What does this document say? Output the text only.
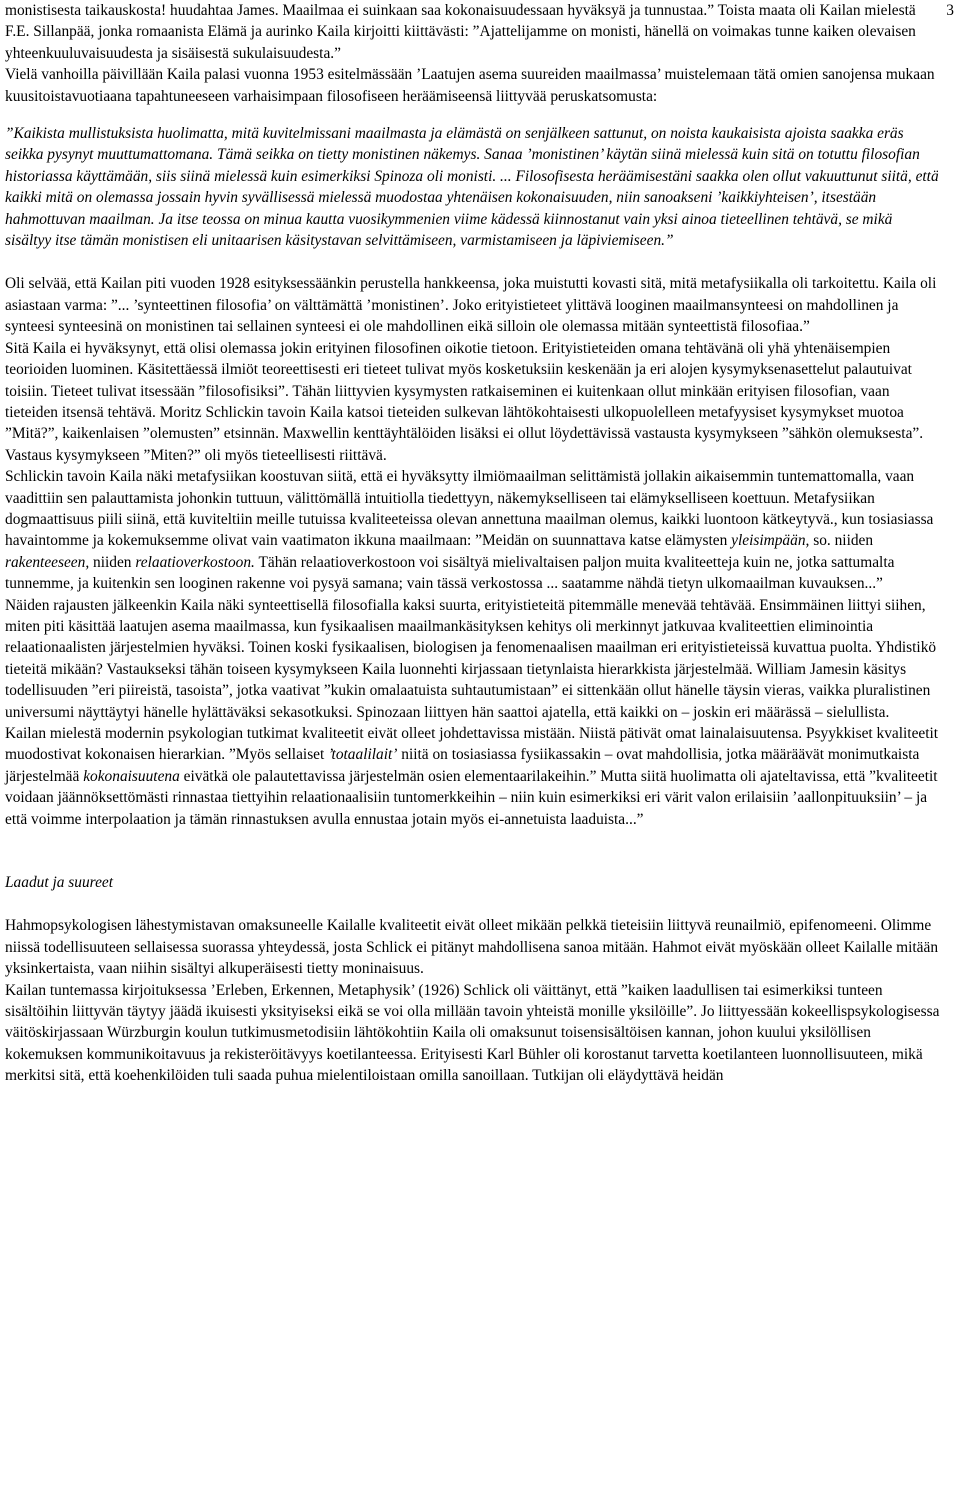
3

monistisesta taikauskosta! huudahtaa James. Maailmaa ei suinkaan saa kokonaisuudessaan hyväksyä ja tunnustaa.” Toista maata oli Kailan mielestä F.E. Sillanpää, jonka romaanista Elämä ja aurinko Kaila kirjoitti kiittävästi: ”Ajattelijamme on monisti, hänellä on voimakas tunne kaiken olevaisen yhteenkuuluvaisuudesta ja sisäisestä sukulaisuudesta.”

Vielä vanhoilla päivillään Kaila palasi vuonna 1953 esitelmässään ’Laatujen asema suureiden maailmassa’ muistelemaan tätä omien sanojensa mukaan kuusitoistavuotiaana tapahtuneeseen varhaisimpaan filosofiseen heräämiseensä liittyvää peruskatsomusta:

”Kaikista mullistuksista huolimatta, mitä kuvitelmissani maailmasta ja elämästä on senjälkeen sattunut, on noista kaukaisista ajoista saakka eräs seikka pysynyt muuttumattomana. Tämä seikka on tietty monistinen näkemys. Sanaa ’monistinen’ käytän siinä mielessä kuin sitä on totuttu filosofian historiassa käyttämään, siis siinä mielessä kuin esimerkiksi Spinoza oli monisti. ... Filosofisesta heräämisestäni saakka olen ollut vakuuttunut siitä, että kaikki mitä on olemassa jossain hyvin syvällisessä mielessä muodostaa yhtenäisen kokonaisuuden, niin sanoakseni ’kaikkiyhteisen’, itsestään hahmottuvan maailman. Ja itse teossa on minua kautta vuosikymmenien viime kädessä kiinnostanut vain yksi ainoa tieteellinen tehtävä, se mikä sisältyy itse tämän monistisen eli unitaarisen käsitystavan selvittämiseen, varmistamiseen ja läpiviemiseen.”

Oli selvää, että Kailan piti vuoden 1928 esityksessäänkin perustella hankkeensa, joka muistutti kovasti sitä, mitä metafysiikalla oli tarkoitettu. Kaila oli asiastaan varma: ”... ’synteettinen filosofia’ on välttämättä ’monistinen’. Joko erityistieteet ylittävä looginen maailmansynteesi on mahdollinen ja synteesi synteesinä on monistinen tai sellainen synteesi ei ole mahdollinen eikä silloin ole olemassa mitään synteettistä filosofiaa.”

Sitä Kaila ei hyväksynyt, että olisi olemassa jokin erityinen filosofinen oikotie tietoon. Erityistieteiden omana tehtävänä oli yhä yhtenäisempien teorioiden luominen. Käsitettäessä ilmiöt teoreettisesti eri tieteet tulivat myös kosketuksiin keskenään ja eri alojen kysymyksenasettelut palautuivat toisiin. Tieteet tulivat itsessään ”filosofisiksi”. Tähän liittyvien kysymysten ratkaiseminen ei kuitenkaan ollut minkään erityisen filosofian, vaan tieteiden itsensä tehtävä. Moritz Schlickin tavoin Kaila katsoi tieteiden sulkevan lähtökohtaisesti ulkopuolelleen metafyysiset kysymykset muotoa ”Mitä?”, kaikenlaisen ”olemusten” etsinnän. Maxwellin kenttäyhtälöiden lisäksi ei ollut löydettävissä vastausta kysymykseen ”sähkön olemuksesta”. Vastaus kysymykseen ”Miten?” oli myös tieteellisesti riittävä.

Schlickin tavoin Kaila näki metafysiikan koostuvan siitä, että ei hyväksytty ilmiömaailman selittämistä jollakin aikaisemmin tuntemattomalla, vaan vaadittiin sen palauttamista johonkin tuttuun, välittömällä intuitiolla tiedettyyn, näkemykselliseen tai elämykselliseen koettuun. Metafysiikan dogmaattisuus piili siinä, että kuviteltiin meille tutuissa kvaliteeteissa olevan annettuna maailman olemus, kaikki luontoon kätkeytyvä., kun tosiasiassa havaintomme ja kokemuksemme olivat vain vaatimaton ikkuna maailmaan: ”Meidän on suunnattava katse elämysten yleisimpään, so. niiden rakenteeseen, niiden relaatioverkostoon. Tähän relaatioverkostoon voi sisältyä mielivaltaisen paljon muita kvaliteetteja kuin ne, jotka sattumalta tunnemme, ja kuitenkin sen looginen rakenne voi pysyä samana; vain tässä verkostossa ... saatamme nähdä tietyn ulkomaailman kuvauksen...”

Näiden rajausten jälkeenkin Kaila näki synteettisellä filosofialla kaksi suurta, erityistieteitä pitemmälle menevää tehtävää. Ensimmäinen liittyi siihen, miten piti käsittää laatujen asema maailmassa, kun fysikaalisen maailmankäsityksen kehitys oli merkinnyt jatkuvaa kvaliteettien eliminointia relaationaalisten järjestelmien hyväksi. Toinen koski fysikaalisen, biologisen ja fenomenaalisen maailman eri erityistieteissä kuvattua puolta. Yhdistikö tieteitä mikään? Vastaukseksi tähän toiseen kysymykseen Kaila luonnehti kirjassaan tietynlaista hierarkkista järjestelmää. William Jamesin käsitys todellisuuden ”eri piireistä, tasoista”, jotka vaativat ”kukin omalaatuista suhtautumistaan” ei sittenkään ollut hänelle täysin vieras, vaikka pluralistinen universumi näyttäytyi hänelle hylättäväksi sekasotkuksi. Spinozaan liittyen hän saattoi ajatella, että kaikki on – joskin eri määrässä – sielullista.

Kailan mielestä modernin psykologian tutkimat kvaliteetit eivät olleet johdettavissa mistään. Niistä pätivät omat lainalaisuutensa. Psyykkiset kvaliteetit muodostivat kokonaisen hierarkian. ”Myös sellaiset ’totaalilait’ niitä on tosiasiassa fysiikassakin – ovat mahdollisia, jotka määräävät monimutkaista järjestelmää kokonaisuutena eivätkä ole palautettavissa järjestelmän osien elementaarilakeihin.” Mutta siitä huolimatta oli ajateltavissa, että ”kvaliteetit voidaan jäännöksettömästi rinnastaa tiettyihin relaationaalisiin tuntomerkkeihin – niin kuin esimerkiksi eri värit valon erilaisiin ’aallonpituuksiin’ – ja että voimme interpolaation ja tämän rinnastuksen avulla ennustaa jotain myös ei-annetuista laaduista...”

Laadut ja suureet

Hahmopsykologisen lähestymistavan omaksuneelle Kailalle kvaliteetit eivät olleet mikään pelkkä tieteisiin liittyvä reunailmiö, epifenomeeni. Olimme niissä todellisuuteen sellaisessa suorassa yhteydessä, josta Schlick ei pitänyt mahdollisena sanoa mitään. Hahmot eivät myöskään olleet Kailalle mitään yksinkertaista, vaan niihin sisältyi alkuperäisesti tietty moninaisuus.

Kailan tuntemassa kirjoituksessa ’Erleben, Erkennen, Metaphysik’ (1926) Schlick oli väittänyt, että ”kaiken laadullisen tai esimerkiksi tunteen sisältöihin liittyvän täytyy jäädä ikuisesti yksityiseksi eikä se voi olla millään tavoin yhteistä monille yksilöille”. Jo liittyessään kokeellispsykologisessa väitöskirjassaan Würzburgin koulun tutkimusmetodisiin lähtökohtiin Kaila oli omaksunut toisensisältöisen kannan, johon kuului yksilöllisen kokemuksen kommunikoitavuus ja rekisteröitävyys koetilanteessa. Erityisesti Karl Bühler oli korostanut tarvetta koetilanteen luonnollisuuteen, mikä merkitsi sitä, että koehenkilöiden tuli saada puhua mielentiloistaan omilla sanoillaan. Tutkijan oli eläydyttävä heidän
